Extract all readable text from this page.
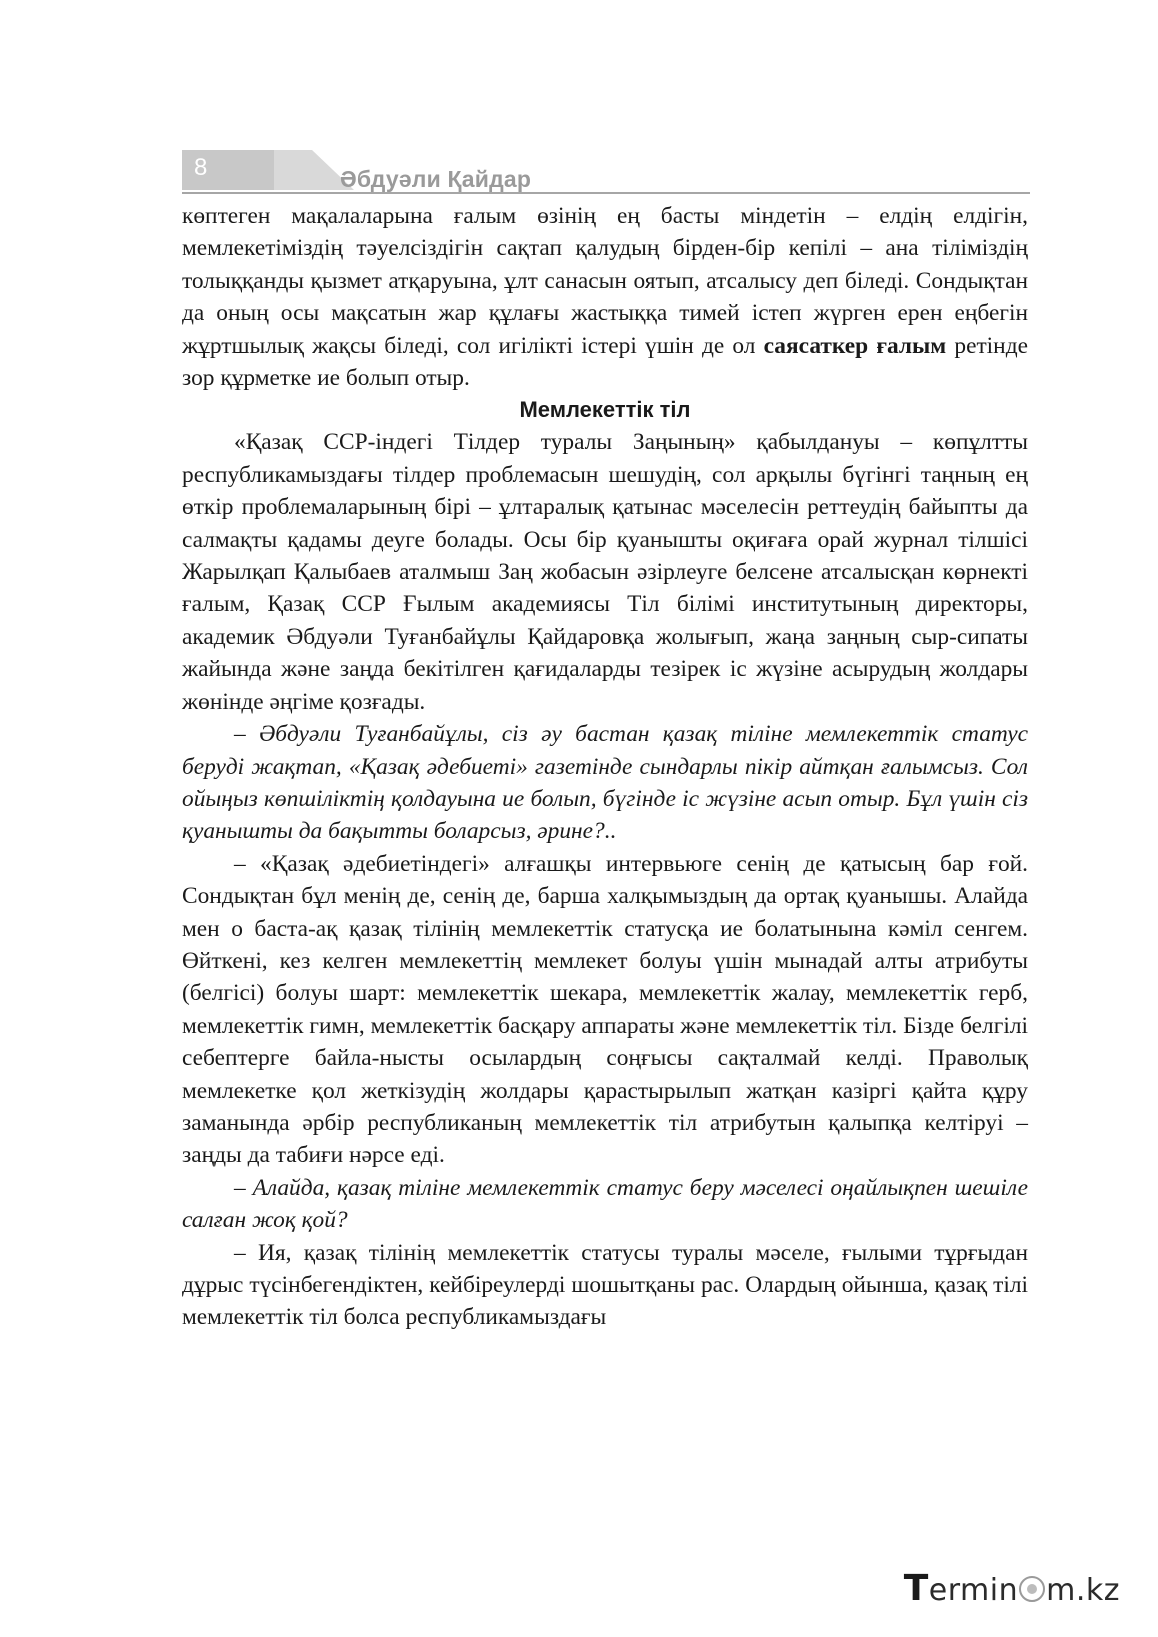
8	Әбдуәли Қайдар

көптеген мақалаларына ғалым өзінің ең басты міндетін – елдің елдігін, мемлекетіміздің тәуелсіздігін сақтап қалудың бірден-бір кепілі – ана тіліміздің толыққанды қызмет атқаруына, ұлт санасын оятып, атсалысу деп біледі. Сондықтан да оның осы мақсатын жар құлағы жастыққа тимей істеп жүрген ерен еңбегін жұртшылық жақсы біледі, сол игілікті істері үшін де ол саясаткер ғалым ретінде зор құрметке ие болып отыр.

Мемлекеттік тіл

«Қазақ ССР-індегі Тілдер туралы Заңының» қабылдануы – көпұлтты республикамыздағы тілдер проблемасын шешудің, сол арқылы бүгінгі таңның ең өткір проблемаларының бірі – ұлтаралық қатынас мәселесін реттеудің байыпты да салмақты қадамы деуге болады. Осы бір қуанышты оқиғаға орай журнал тілшісі Жарылқап Қалыбаев аталмыш Заң жобасын әзірлеуге белсене атсалысқан көрнекті ғалым, Қазақ ССР Ғылым академиясы Тіл білімі институтының директоры, академик Әбдуәли Туғанбайұлы Қайдаровқа жолығып, жаңа заңның сыр-сипаты жайында және заңда бекітілген қағидаларды тезірек іс жүзіне асырудың жолдары жөнінде әңгіме қозғады.

– Әбдуәли Туғанбайұлы, сіз әу бастан қазақ тіліне мемлекеттік статус беруді жақтап, «Қазақ әдебиеті» газетінде сындарлы пікір айтқан ғалымсыз. Сол ойыңыз көпшіліктің қолдауына ие болып, бүгінде іс жүзіне асып отыр. Бұл үшін сіз қуанышты да бақытты боларсыз, әрине?..

– «Қазақ әдебиетіндегі» алғашқы интервьюге сенің де қатысың бар ғой. Сондықтан бұл менің де, сенің де, барша халқымыздың да ортақ қуанышы. Алайда мен о баста-ақ қазақ тілінің мемлекеттік статусқа ие болатынына кәміл сенгем. Өйткені, кез келген мемлекеттің мемлекет болуы үшін мынадай алты атрибуты (белгісі) болуы шарт: мемлекеттік шекара, мемлекеттік жалау, мемлекеттік герб, мемлекеттік гимн, мемлекеттік басқару аппараты және мемлекеттік тіл. Бізде белгілі себептерге байла-нысты осылардың соңғысы сақталмай келді. Праволық мемлекетке қол жеткізудің жолдары қарастырылып жатқан казіргі қайта құру заманында әрбір республиканың мемлекеттік тіл атрибутын қалыпқа келтіруі – заңды да табиғи нәрсе еді.

– Алайда, қазақ тіліне мемлекеттік статус беру мәселесі оңайлықпен шешіле салған жоқ қой?

– Ия, қазақ тілінің мемлекеттік статусы туралы мәселе, ғылыми тұрғыдан дұрыс түсінбегендіктен, кейбіреулерді шошытқаны рас. Олардың ойынша, қазақ тілі мемлекеттік тіл болса республикамыздағы

Termin m.kz
